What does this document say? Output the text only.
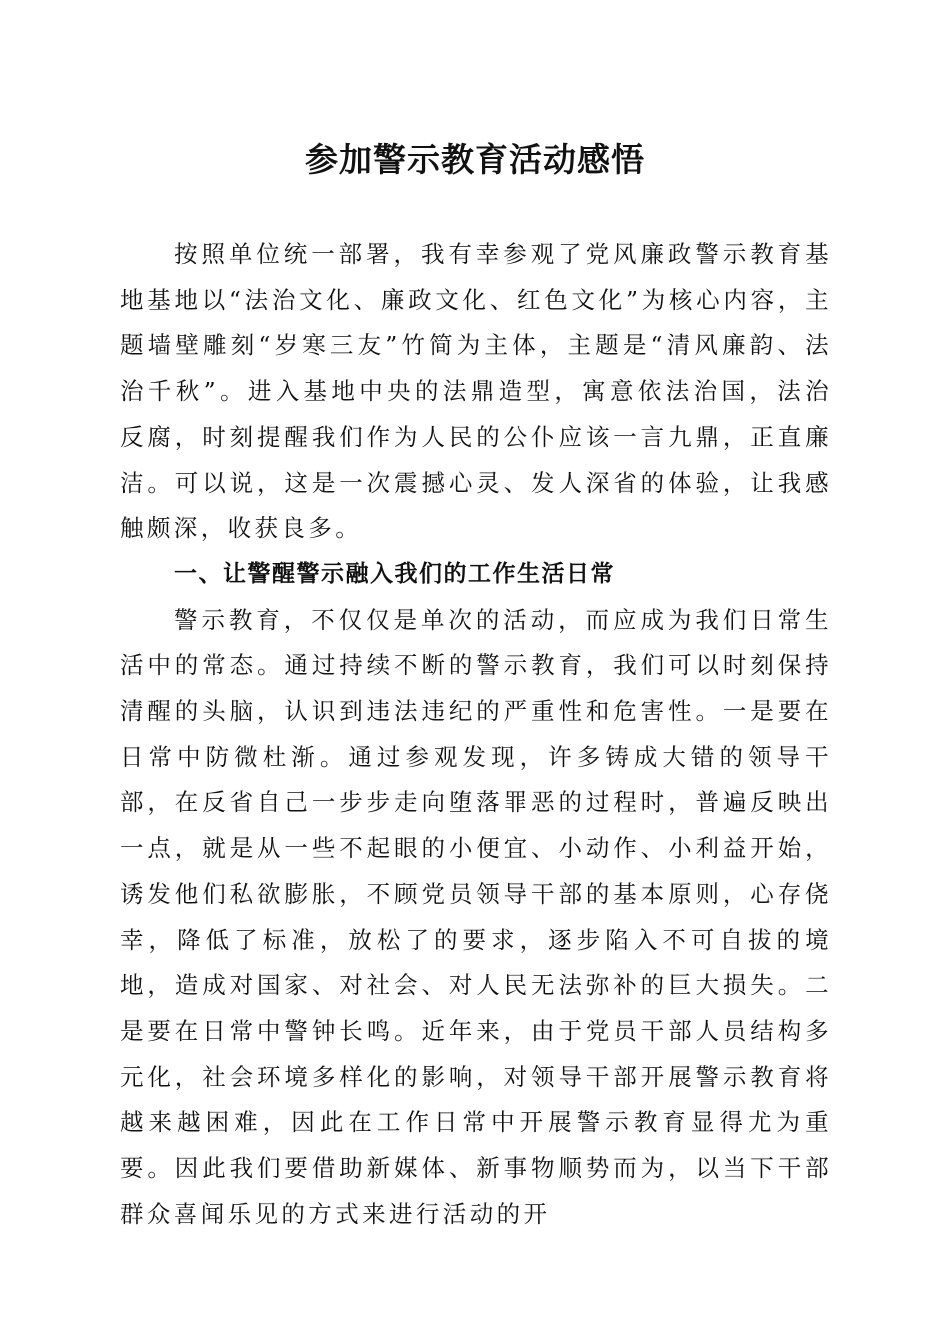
参加警示教育活动感悟

按照单位统一部署，我有幸参观了党风廉政警示教育基地基地以“法治文化、廉政文化、红色文化”为核心内容，主题墙壁雕刻“岁寒三友”竹简为主体，主题是“清风廉韵、法治千秋”。进入基地中央的法鼎造型，寓意依法治国，法治反腐，时刻提醒我们作为人民的公仆应该一言九鼎，正直廉洁。可以说，这是一次震撼心灵、发人深省的体验，让我感触颇深，收获良多。

一、让警醒警示融入我们的工作生活日常

警示教育，不仅仅是单次的活动，而应成为我们日常生活中的常态。通过持续不断的警示教育，我们可以时刻保持清醒的头脑，认识到违法违纪的严重性和危害性。一是要在日常中防微杜渐。通过参观发现，许多铸成大错的领导干部，在反省自己一步步走向堕落罪恶的过程时，普遍反映出一点，就是从一些不起眼的小便宜、小动作、小利益开始，诱发他们私欲膨胀，不顾党员领导干部的基本原则，心存侥幸，降低了标准，放松了的要求，逐步陷入不可自拔的境地，造成对国家、对社会、对人民无法弥补的巨大损失。二是要在日常中警钟长鸣。近年来，由于党员干部人员结构多元化，社会环境多样化的影响，对领导干部开展警示教育将越来越困难，因此在工作日常中开展警示教育显得尤为重要。因此我们要借助新媒体、新事物顺势而为，以当下干部群众喜闻乐见的方式来进行活动的开
